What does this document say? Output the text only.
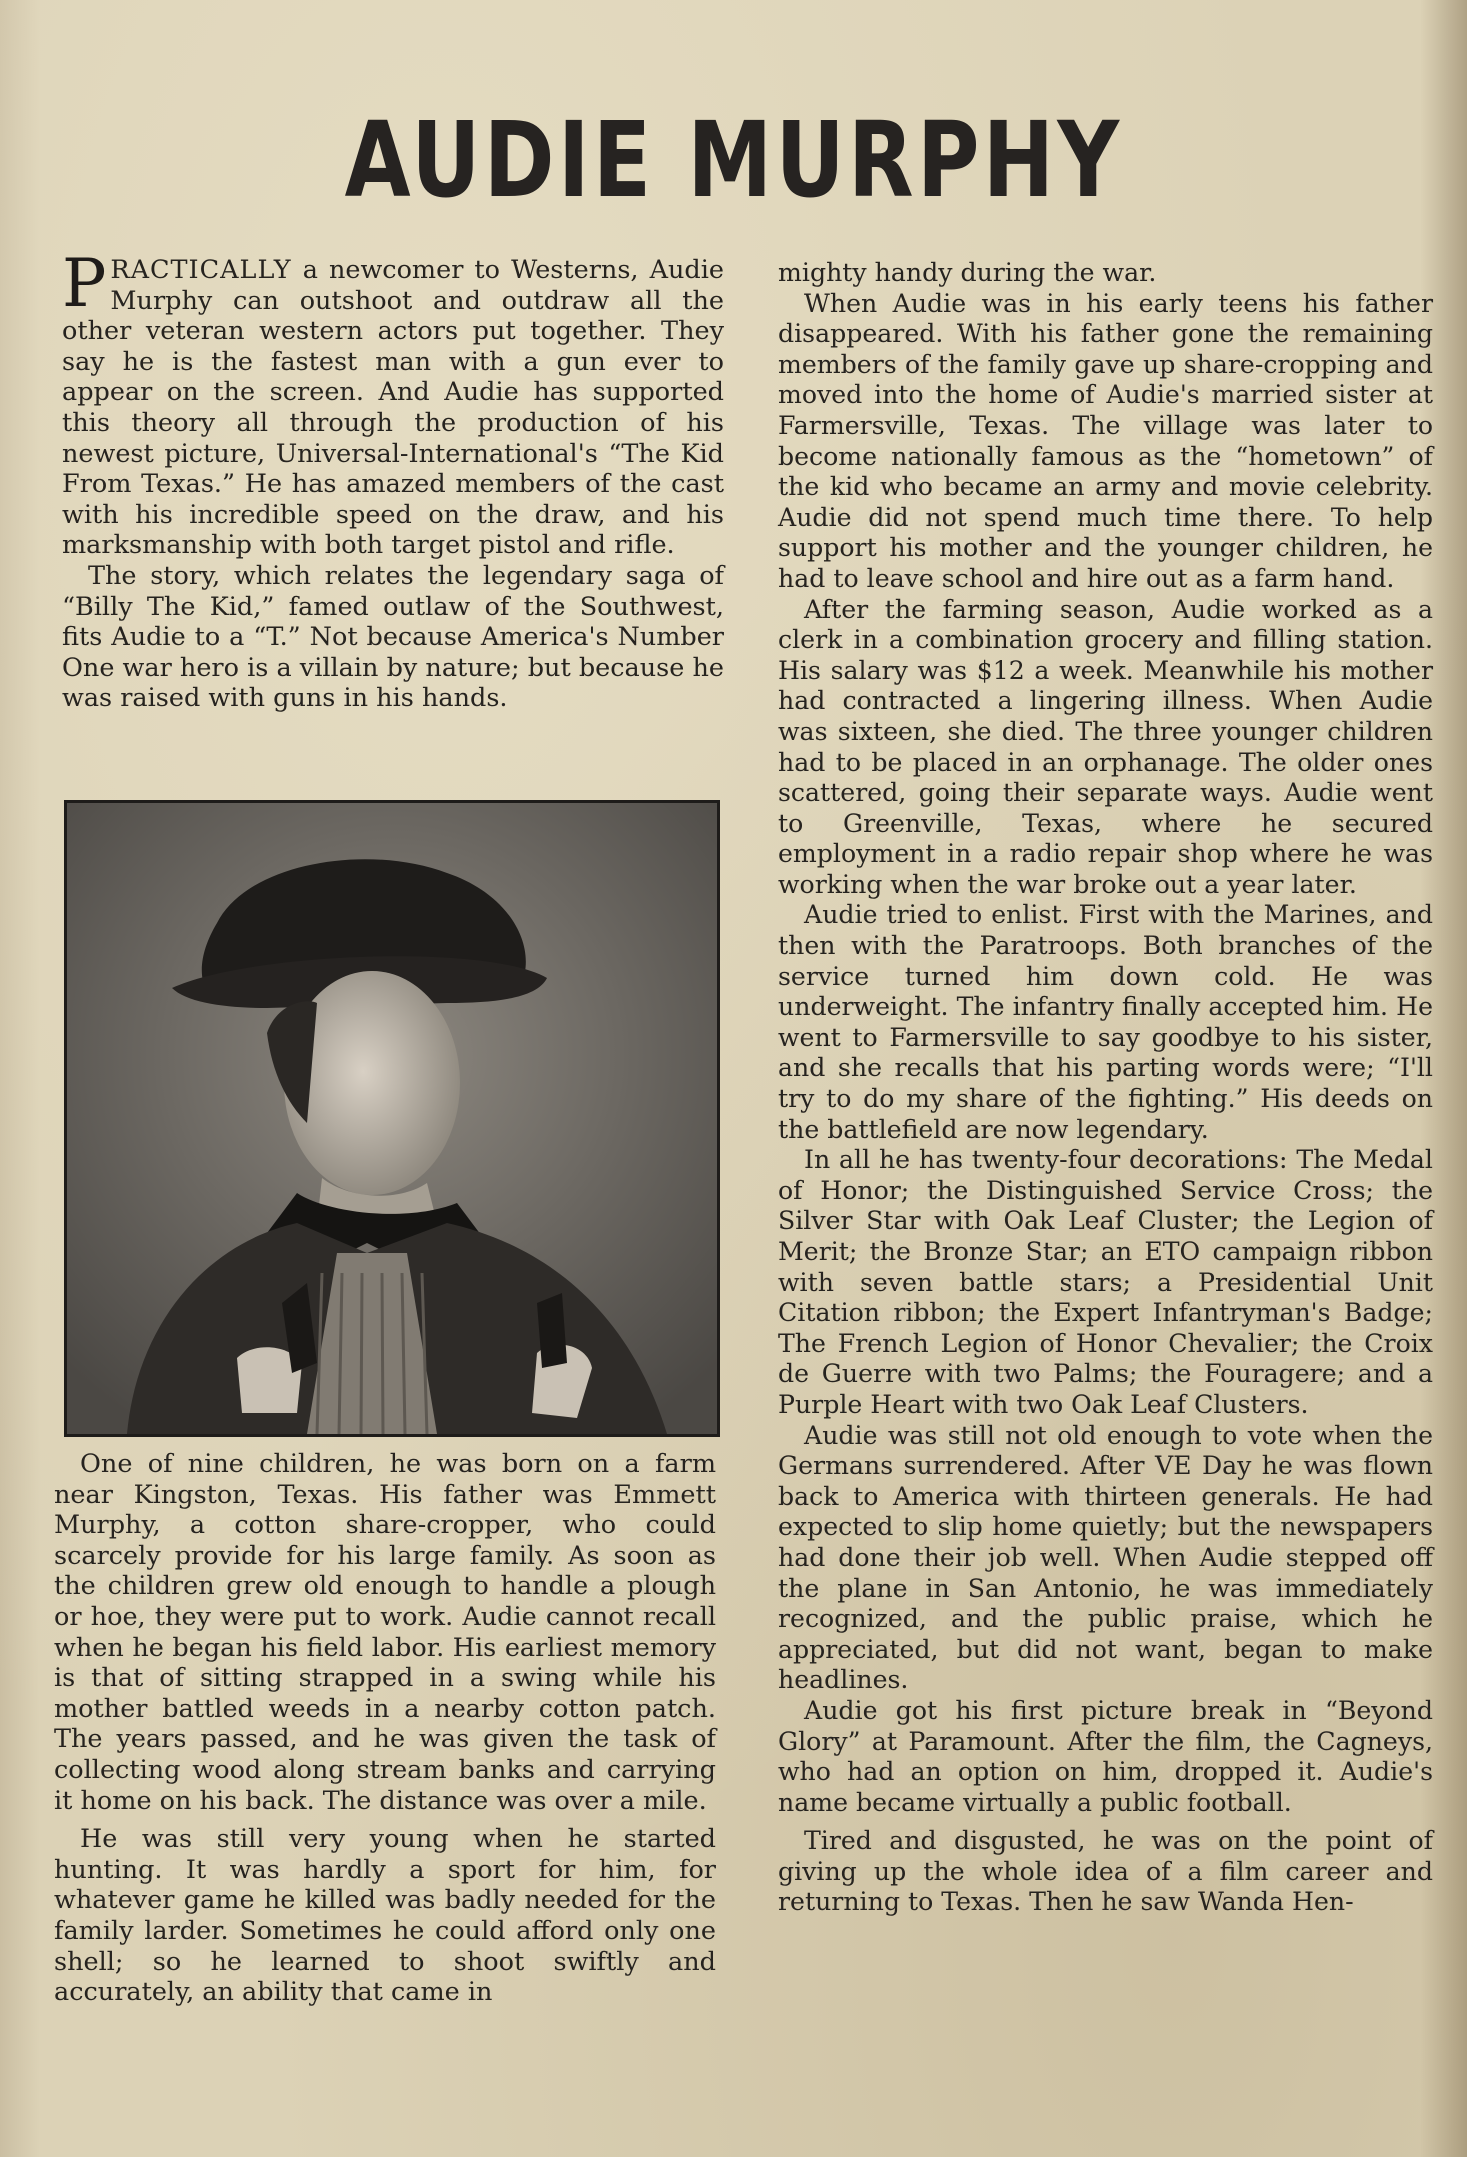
AUDIE MURPHY

PRACTICALLY a newcomer to Westerns, Audie Murphy can outshoot and outdraw all the other veteran western actors put together. They say he is the fastest man with a gun ever to appear on the screen. And Audie has supported this theory all through the production of his newest picture, Universal-International's “The Kid From Texas.” He has amazed members of the cast with his incredible speed on the draw, and his marksmanship with both target pistol and rifle.

The story, which relates the legendary saga of “Billy The Kid,” famed outlaw of the Southwest, fits Audie to a “T.” Not because America's Number One war hero is a villain by nature; but because he was raised with guns in his hands.

One of nine children, he was born on a farm near Kingston, Texas. His father was Emmett Murphy, a cotton share-cropper, who could scarcely provide for his large family. As soon as the children grew old enough to handle a plough or hoe, they were put to work. Audie cannot recall when he began his field labor. His earliest memory is that of sitting strapped in a swing while his mother battled weeds in a nearby cotton patch. The years passed, and he was given the task of collecting wood along stream banks and carrying it home on his back. The distance was over a mile.

He was still very young when he started hunting. It was hardly a sport for him, for whatever game he killed was badly needed for the family larder. Sometimes he could afford only one shell; so he learned to shoot swiftly and accurately, an ability that came in

mighty handy during the war.

When Audie was in his early teens his father disappeared. With his father gone the remaining members of the family gave up share-cropping and moved into the home of Audie's married sister at Farmersville, Texas. The village was later to become nationally famous as the “hometown” of the kid who became an army and movie celebrity. Audie did not spend much time there. To help support his mother and the younger children, he had to leave school and hire out as a farm hand.

After the farming season, Audie worked as a clerk in a combination grocery and filling station. His salary was $12 a week. Meanwhile his mother had contracted a lingering illness. When Audie was sixteen, she died. The three younger children had to be placed in an orphanage. The older ones scattered, going their separate ways. Audie went to Greenville, Texas, where he secured employment in a radio repair shop where he was working when the war broke out a year later.

Audie tried to enlist. First with the Marines, and then with the Paratroops. Both branches of the service turned him down cold. He was underweight. The infantry finally accepted him. He went to Farmersville to say goodbye to his sister, and she recalls that his parting words were; “I'll try to do my share of the fighting.” His deeds on the battlefield are now legendary.

In all he has twenty-four decorations: The Medal of Honor; the Distinguished Service Cross; the Silver Star with Oak Leaf Cluster; the Legion of Merit; the Bronze Star; an ETO campaign ribbon with seven battle stars; a Presidential Unit Citation ribbon; the Expert Infantryman's Badge; The French Legion of Honor Chevalier; the Croix de Guerre with two Palms; the Fouragere; and a Purple Heart with two Oak Leaf Clusters.

Audie was still not old enough to vote when the Germans surrendered. After VE Day he was flown back to America with thirteen generals. He had expected to slip home quietly; but the newspapers had done their job well. When Audie stepped off the plane in San Antonio, he was immediately recognized, and the public praise, which he appreciated, but did not want, began to make headlines.

Audie got his first picture break in “Beyond Glory” at Paramount. After the film, the Cagneys, who had an option on him, dropped it. Audie's name became virtually a public football.

Tired and disgusted, he was on the point of giving up the whole idea of a film career and returning to Texas. Then he saw Wanda Hen-
